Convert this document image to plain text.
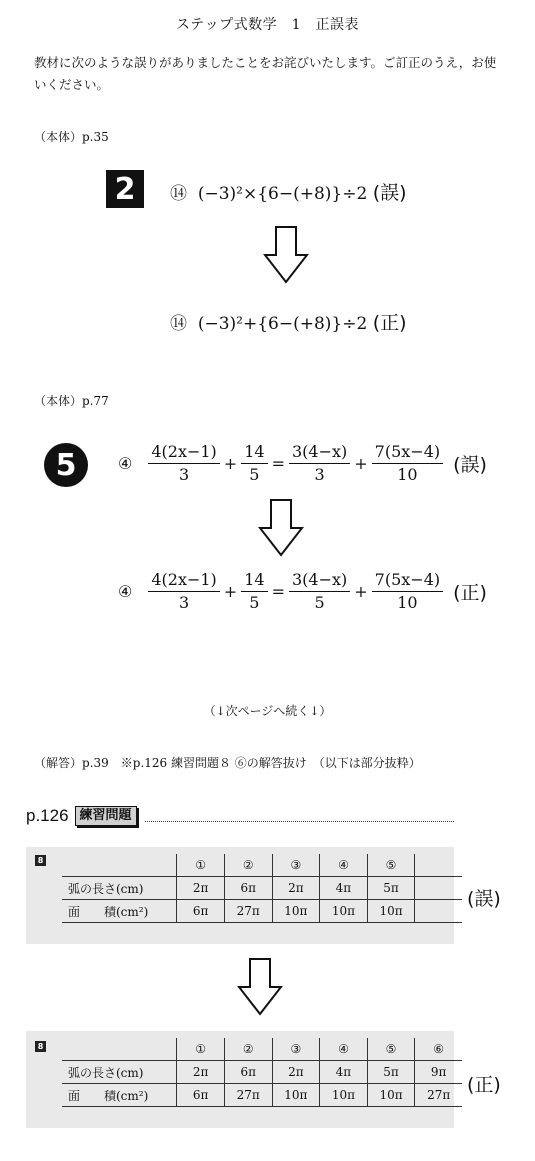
ステップ式数学　1　正誤表
教材に次のような誤りがありましたことをお詫びいたします。ご訂正のうえ，お使いください。
（本体）p.35
2	⑭ (−3)²×{6−(+8)}÷2 (誤)
⑭ (−3)²+{6−(+8)}÷2 (正)
（本体）p.77
5	④ $\frac{4(2x-1)}{3} + \frac{14}{5} = \frac{3(4-x)}{3} + \frac{7(5x-4)}{10}$ (誤)
④ $\frac{4(2x-1)}{3} + \frac{14}{5} = \frac{3(4-x)}{5} + \frac{7(5x-4)}{10}$ (正)
（↓次ページへ続く↓）
（解答）p.39　※p.126 練習問題８ ⑥の解答抜け　（以下は部分抜粋）
p.126 練習問題
8
		①	②	③	④	⑤	
弧の長さ(cm)	2π	6π	2π	4π	5π	
面　　積(cm²)	6π	27π	10π	10π	10π	
(誤)
8
		①	②	③	④	⑤	⑥
弧の長さ(cm)	2π	6π	2π	4π	5π	9π
面　　積(cm²)	6π	27π	10π	10π	10π	27π (正)
